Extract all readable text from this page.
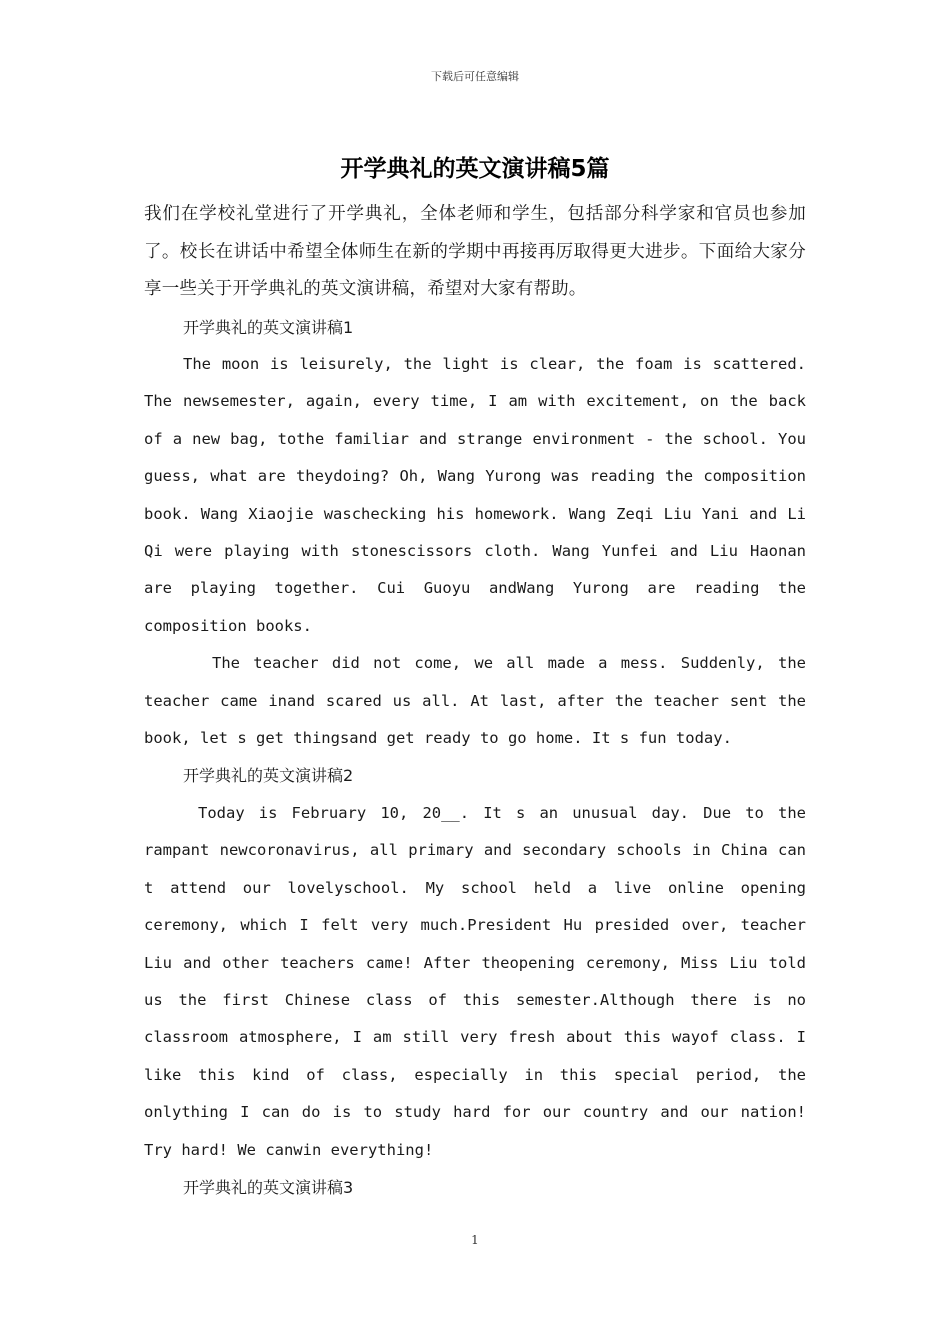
下载后可任意编辑
开学典礼的英文演讲稿5篇

我们在学校礼堂进行了开学典礼，全体老师和学生，包括部分科学家和官员也参加了。校长在讲话中希望全体师生在新的学期中再接再厉取得更大进步。下面给大家分享一些关于开学典礼的英文演讲稿，希望对大家有帮助。

开学典礼的英文演讲稿1

The moon is leisurely, the light is clear, the foam is scattered. The newsemester, again, every time, I am with excitement, on the back of a new bag, tothe familiar and strange environment - the school. You guess, what are theydoing? Oh, Wang Yurong was reading the composition book. Wang Xiaojie waschecking his homework. Wang Zeqi Liu Yani and Li Qi were playing with stonescissors cloth. Wang Yunfei and Liu Haonan are playing together. Cui Guoyu andWang Yurong are reading the composition books.

The teacher did not come, we all made a mess. Suddenly, the teacher came inand scared us all. At last, after the teacher sent the book, let s get thingsand get ready to go home. It s fun today.

开学典礼的英文演讲稿2

Today is February 10, 20__. It s an unusual day. Due to the rampant newcoronavirus, all primary and secondary schools in China can t attend our lovelyschool. My school held a live online opening ceremony, which I felt very much.President Hu presided over, teacher Liu and other teachers came! After theopening ceremony, Miss Liu told us the first Chinese class of this semester.Although there is no classroom atmosphere, I am still very fresh about this wayof class. I like this kind of class, especially in this special period, the onlything I can do is to study hard for our country and our nation! Try hard! We canwin everything!

开学典礼的英文演讲稿3

1
